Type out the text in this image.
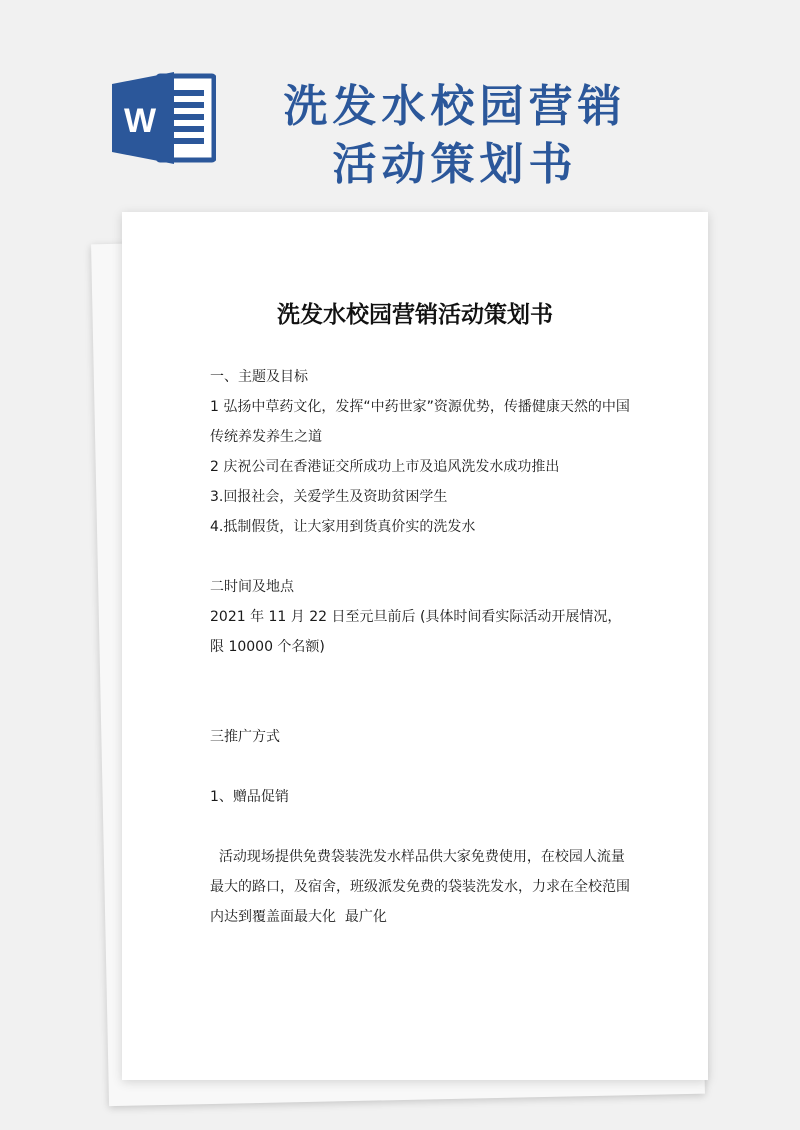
W	洗发水校园营销
活动策划书
洗发水校园营销活动策划书

一、主题及目标

1 弘扬中草药文化，发挥“中药世家”资源优势，传播健康天然的中国传统养发养生之道

2 庆祝公司在香港证交所成功上市及追风洗发水成功推出

3.回报社会，关爱学生及资助贫困学生

4.抵制假货，让大家用到货真价实的洗发水

二时间及地点

2021 年 11 月 22 日至元旦前后 (具体时间看实际活动开展情况，限 10000 个名额)

三推广方式

1、赠品促销

活动现场提供免费袋装洗发水样品供大家免费使用，在校园人流量最大的路口，及宿舍，班级派发免费的袋装洗发水，力求在全校范围内达到覆盖面最大化  最广化
